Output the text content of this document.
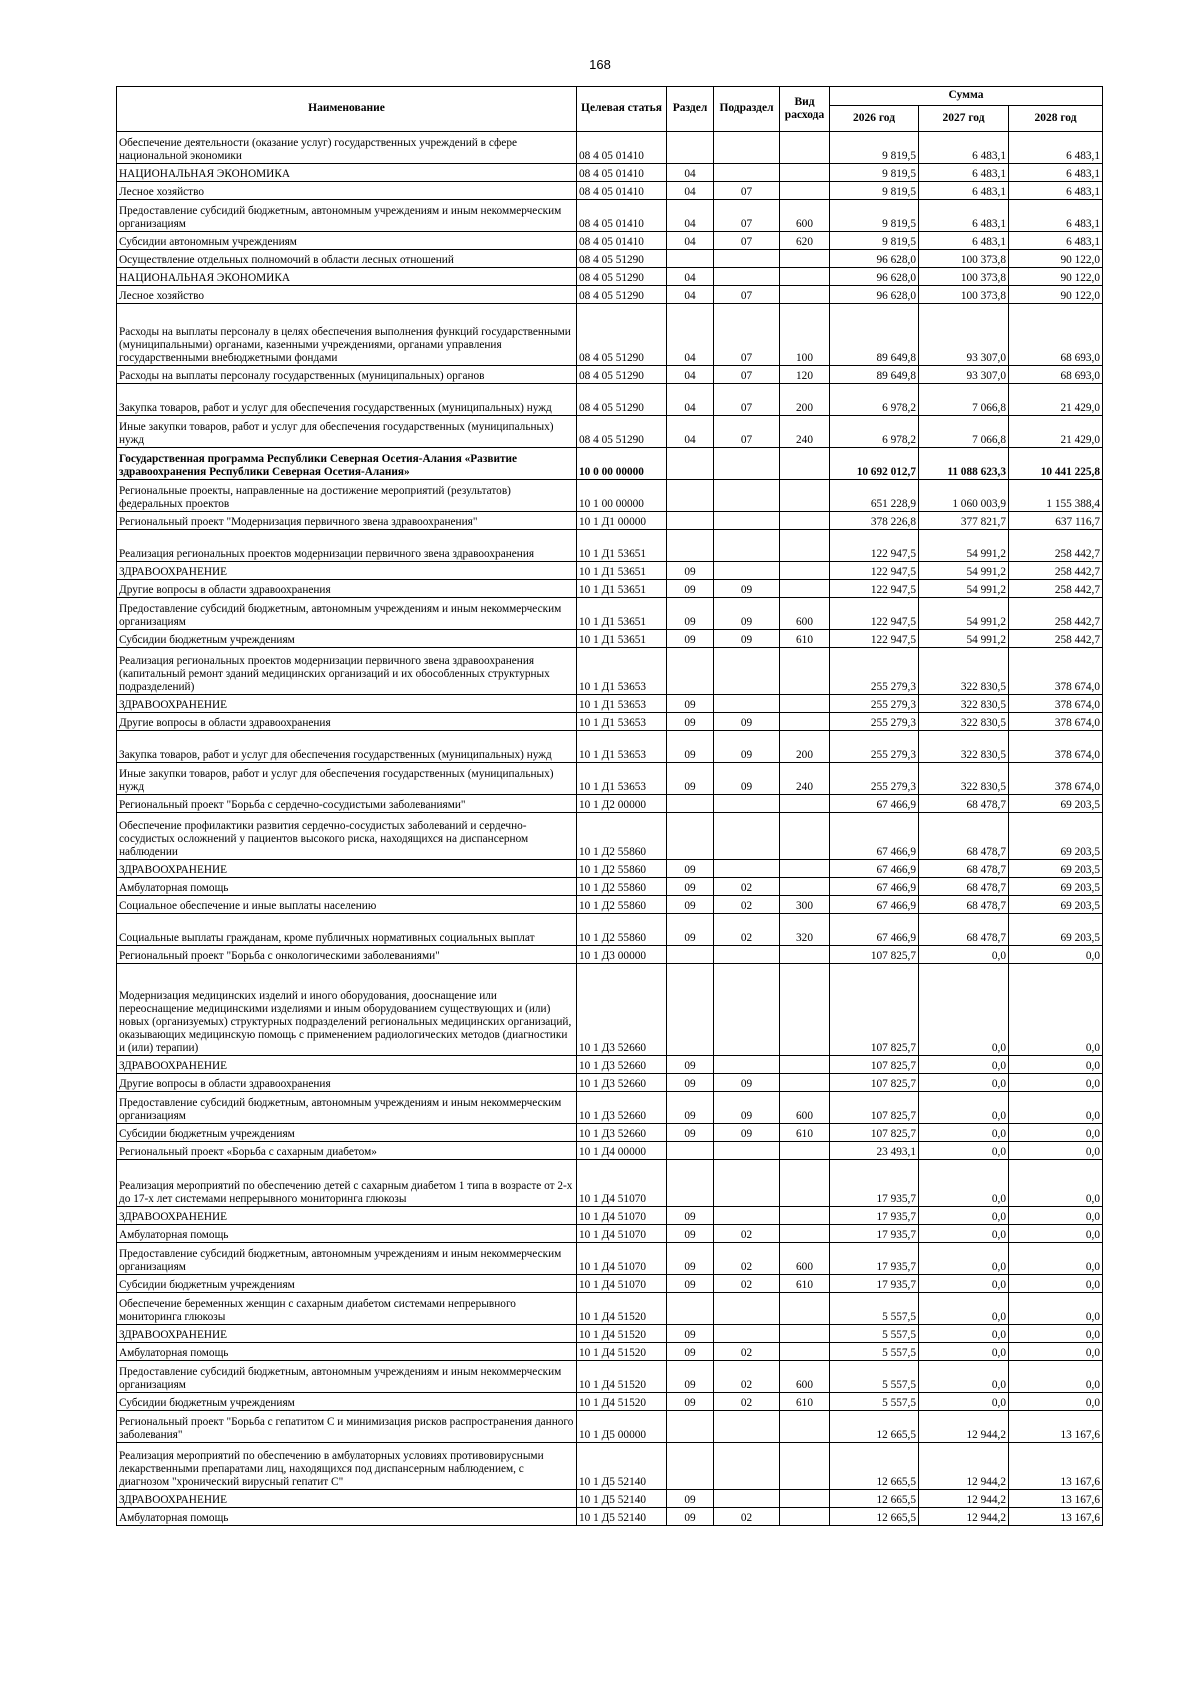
168
Наименование	Целевая статья	Раздел	Подраздел	Вид расхода	Сумма		
					2026 год	2027 год	2028 год
Обеспечение деятельности (оказание услуг) государственных учреждений в сфере национальной экономики	08 4 05 01410				9 819,5	6 483,1	6 483,1
НАЦИОНАЛЬНАЯ ЭКОНОМИКА	08 4 05 01410	04			9 819,5	6 483,1	6 483,1
Лесное хозяйство	08 4 05 01410	04	07		9 819,5	6 483,1	6 483,1
Предоставление субсидий бюджетным, автономным учреждениям и иным некоммерческим организациям	08 4 05 01410	04	07	600	9 819,5	6 483,1	6 483,1
Субсидии автономным учреждениям	08 4 05 01410	04	07	620	9 819,5	6 483,1	6 483,1
Осуществление отдельных полномочий в области лесных отношений	08 4 05 51290				96 628,0	100 373,8	90 122,0
НАЦИОНАЛЬНАЯ ЭКОНОМИКА	08 4 05 51290	04			96 628,0	100 373,8	90 122,0
Лесное хозяйство	08 4 05 51290	04	07		96 628,0	100 373,8	90 122,0
Расходы на выплаты персоналу в целях обеспечения выполнения функций государственными (муниципальными) органами, казенными учреждениями, органами управления государственными внебюджетными фондами	08 4 05 51290	04	07	100	89 649,8	93 307,0	68 693,0
Расходы на выплаты персоналу государственных (муниципальных) органов	08 4 05 51290	04	07	120	89 649,8	93 307,0	68 693,0
Закупка товаров, работ и услуг для обеспечения государственных (муниципальных) нужд	08 4 05 51290	04	07	200	6 978,2	7 066,8	21 429,0
Иные закупки товаров, работ и услуг для обеспечения государственных (муниципальных) нужд	08 4 05 51290	04	07	240	6 978,2	7 066,8	21 429,0
Государственная программа Республики Северная Осетия-Алания «Развитие здравоохранения Республики Северная Осетия-Алания»	10 0 00 00000				10 692 012,7	11 088 623,3	10 441 225,8
Региональные проекты, направленные на достижение мероприятий (результатов) федеральных проектов	10 1 00 00000				651 228,9	1 060 003,9	1 155 388,4
Региональный проект "Модернизация первичного звена здравоохранения"	10 1 Д1 00000				378 226,8	377 821,7	637 116,7
Реализация региональных проектов модернизации первичного звена здравоохранения	10 1 Д1 53651				122 947,5	54 991,2	258 442,7
ЗДРАВООХРАНЕНИЕ	10 1 Д1 53651	09			122 947,5	54 991,2	258 442,7
Другие вопросы в области здравоохранения	10 1 Д1 53651	09	09		122 947,5	54 991,2	258 442,7
Предоставление субсидий бюджетным, автономным учреждениям и иным некоммерческим организациям	10 1 Д1 53651	09	09	600	122 947,5	54 991,2	258 442,7
Субсидии бюджетным учреждениям	10 1 Д1 53651	09	09	610	122 947,5	54 991,2	258 442,7
Реализация региональных проектов модернизации первичного звена здравоохранения (капитальный ремонт зданий медицинских организаций и их обособленных структурных подразделений)	10 1 Д1 53653				255 279,3	322 830,5	378 674,0
ЗДРАВООХРАНЕНИЕ	10 1 Д1 53653	09			255 279,3	322 830,5	378 674,0
Другие вопросы в области здравоохранения	10 1 Д1 53653	09	09		255 279,3	322 830,5	378 674,0
Закупка товаров, работ и услуг для обеспечения государственных (муниципальных) нужд	10 1 Д1 53653	09	09	200	255 279,3	322 830,5	378 674,0
Иные закупки товаров, работ и услуг для обеспечения государственных (муниципальных) нужд	10 1 Д1 53653	09	09	240	255 279,3	322 830,5	378 674,0
Региональный проект "Борьба с сердечно-сосудистыми заболеваниями"	10 1 Д2 00000				67 466,9	68 478,7	69 203,5
Обеспечение профилактики развития сердечно-сосудистых заболеваний и сердечно-сосудистых осложнений у пациентов высокого риска, находящихся на диспансерном наблюдении	10 1 Д2 55860				67 466,9	68 478,7	69 203,5
ЗДРАВООХРАНЕНИЕ	10 1 Д2 55860	09			67 466,9	68 478,7	69 203,5
Амбулаторная помощь	10 1 Д2 55860	09	02		67 466,9	68 478,7	69 203,5
Социальное обеспечение и иные выплаты населению	10 1 Д2 55860	09	02	300	67 466,9	68 478,7	69 203,5
Социальные выплаты гражданам, кроме публичных нормативных социальных выплат	10 1 Д2 55860	09	02	320	67 466,9	68 478,7	69 203,5
Региональный проект "Борьба с онкологическими заболеваниями"	10 1 Д3 00000				107 825,7	0,0	0,0
Модернизация медицинских изделий и иного оборудования, дооснащение или переоснащение медицинскими изделиями и иным оборудованием существующих и (или) новых (организуемых) структурных подразделений региональных медицинских организаций, оказывающих медицинскую помощь с применением радиологических методов (диагностики и (или) терапии)	10 1 Д3 52660				107 825,7	0,0	0,0
ЗДРАВООХРАНЕНИЕ	10 1 Д3 52660	09			107 825,7	0,0	0,0
Другие вопросы в области здравоохранения	10 1 Д3 52660	09	09		107 825,7	0,0	0,0
Предоставление субсидий бюджетным, автономным учреждениям и иным некоммерческим организациям	10 1 Д3 52660	09	09	600	107 825,7	0,0	0,0
Субсидии бюджетным учреждениям	10 1 Д3 52660	09	09	610	107 825,7	0,0	0,0
Региональный проект «Борьба с сахарным диабетом»	10 1 Д4 00000				23 493,1	0,0	0,0
Реализация мероприятий по обеспечению детей с сахарным диабетом 1 типа в возрасте от 2-х до 17-х лет системами непрерывного мониторинга глюкозы	10 1 Д4 51070				17 935,7	0,0	0,0
ЗДРАВООХРАНЕНИЕ	10 1 Д4 51070	09			17 935,7	0,0	0,0
Амбулаторная помощь	10 1 Д4 51070	09	02		17 935,7	0,0	0,0
Предоставление субсидий бюджетным, автономным учреждениям и иным некоммерческим организациям	10 1 Д4 51070	09	02	600	17 935,7	0,0	0,0
Субсидии бюджетным учреждениям	10 1 Д4 51070	09	02	610	17 935,7	0,0	0,0
Обеспечение беременных женщин с сахарным диабетом системами непрерывного мониторинга глюкозы	10 1 Д4 51520				5 557,5	0,0	0,0
ЗДРАВООХРАНЕНИЕ	10 1 Д4 51520	09			5 557,5	0,0	0,0
Амбулаторная помощь	10 1 Д4 51520	09	02		5 557,5	0,0	0,0
Предоставление субсидий бюджетным, автономным учреждениям и иным некоммерческим организациям	10 1 Д4 51520	09	02	600	5 557,5	0,0	0,0
Субсидии бюджетным учреждениям	10 1 Д4 51520	09	02	610	5 557,5	0,0	0,0
Региональный проект "Борьба с гепатитом С и минимизация рисков распространения данного заболевания"	10 1 Д5 00000				12 665,5	12 944,2	13 167,6
Реализация мероприятий по обеспечению в амбулаторных условиях противовирусными лекарственными препаратами лиц, находящихся под диспансерным наблюдением, с диагнозом "хронический вирусный гепатит С"	10 1 Д5 52140				12 665,5	12 944,2	13 167,6
ЗДРАВООХРАНЕНИЕ	10 1 Д5 52140	09			12 665,5	12 944,2	13 167,6
Амбулаторная помощь	10 1 Д5 52140	09	02		12 665,5	12 944,2	13 167,6
